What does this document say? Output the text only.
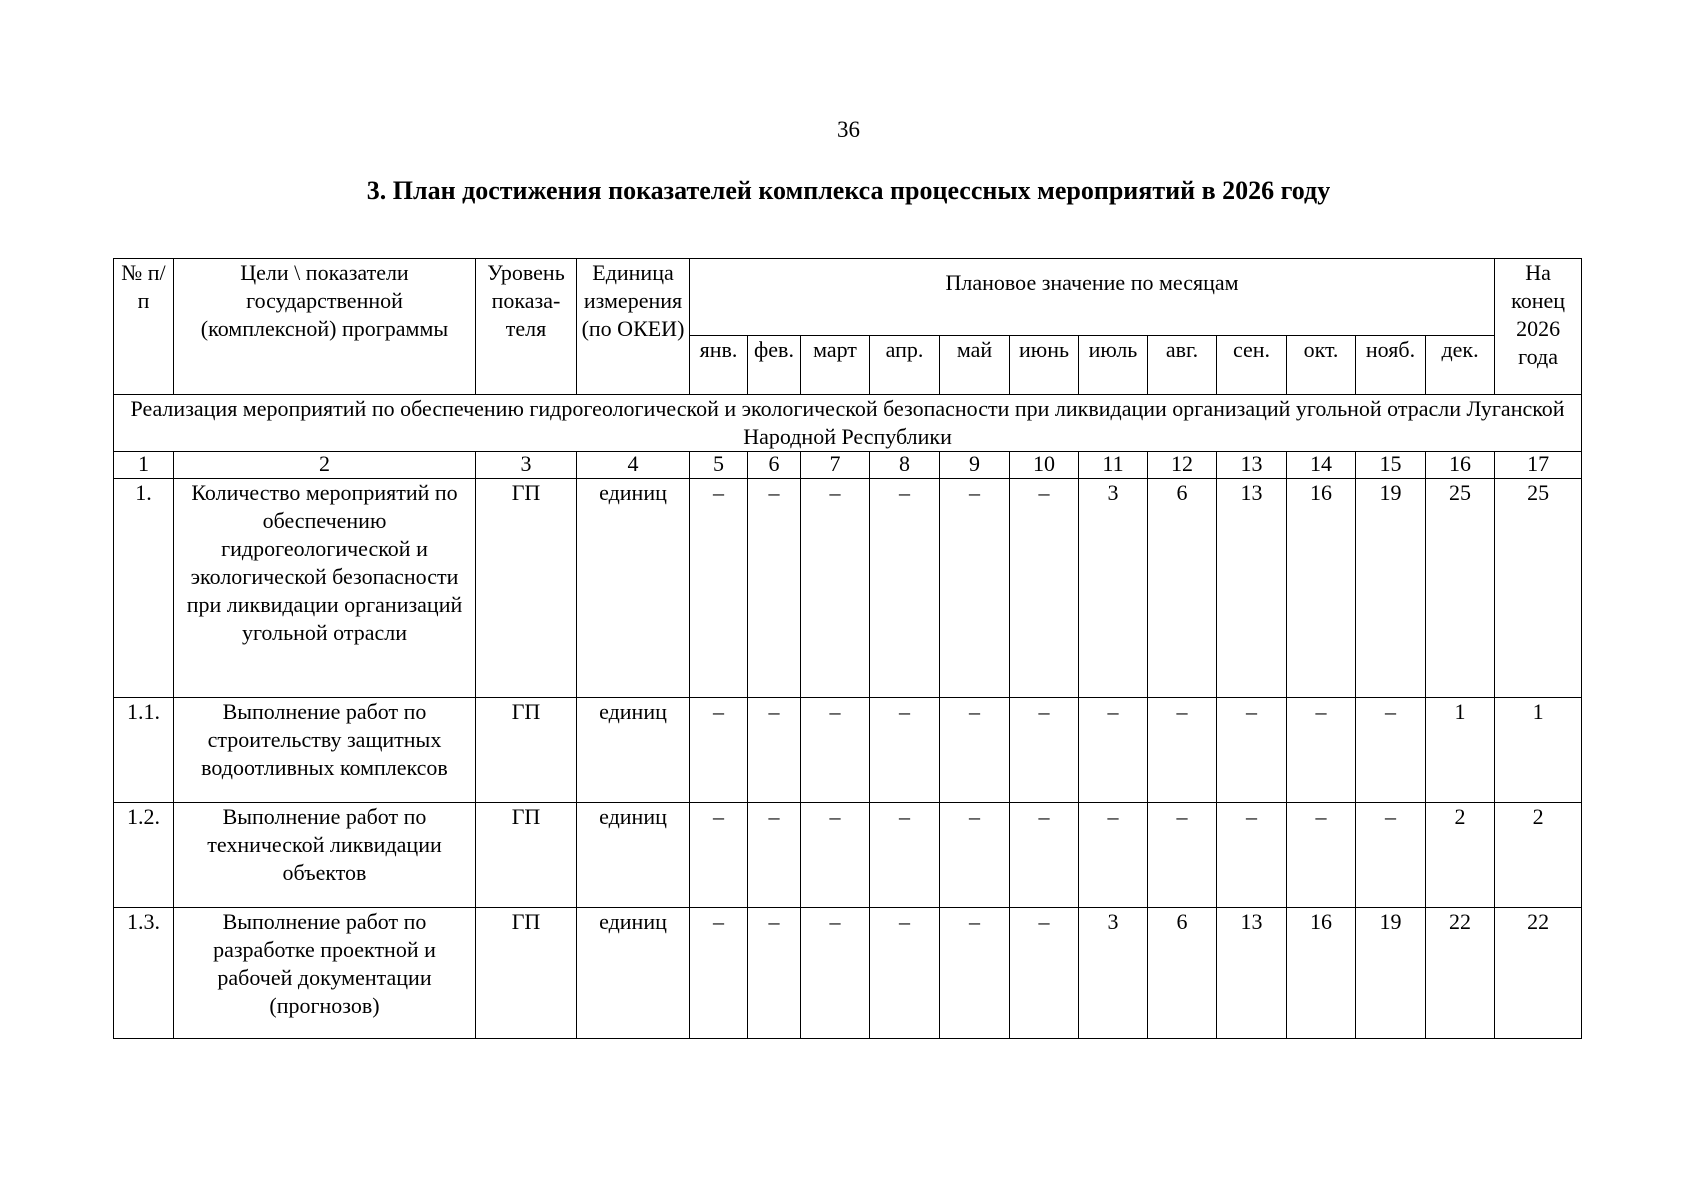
36
3. План достижения показателей комплекса процессных мероприятий в 2026 году
№ п/п	Цели \ показатели государственной (комплексной) программы	Уровень показа-теля	Единица измерения (по ОКЕИ)	Плановое значение по месяцам												На конец 2026 года
				янв.	фев.	март	апр.	май	июнь	июль	авг.	сен.	окт.	нояб.	дек.	
Реализация мероприятий по обеспечению гидрогеологической и экологической безопасности при ликвидации организаций угольной отрасли Луганской Народной Республики																
1	2	3	4	5	6	7	8	9	10	11	12	13	14	15	16	17
1.	Количество мероприятий по обеспечению гидрогеологической и экологической безопасности при ликвидации организаций угольной отрасли	ГП	единиц	–	–	–	–	–	–	3	6	13	16	19	25	25
1.1.	Выполнение работ по строительству защитных водоотливных комплексов	ГП	единиц	–	–	–	–	–	–	–	–	–	–	–	1	1
1.2.	Выполнение работ по технической ликвидации объектов	ГП	единиц	–	–	–	–	–	–	–	–	–	–	–	2	2
1.3.	Выполнение работ по разработке проектной и рабочей документации (прогнозов)	ГП	единиц	–	–	–	–	–	–	3	6	13	16	19	22	22
